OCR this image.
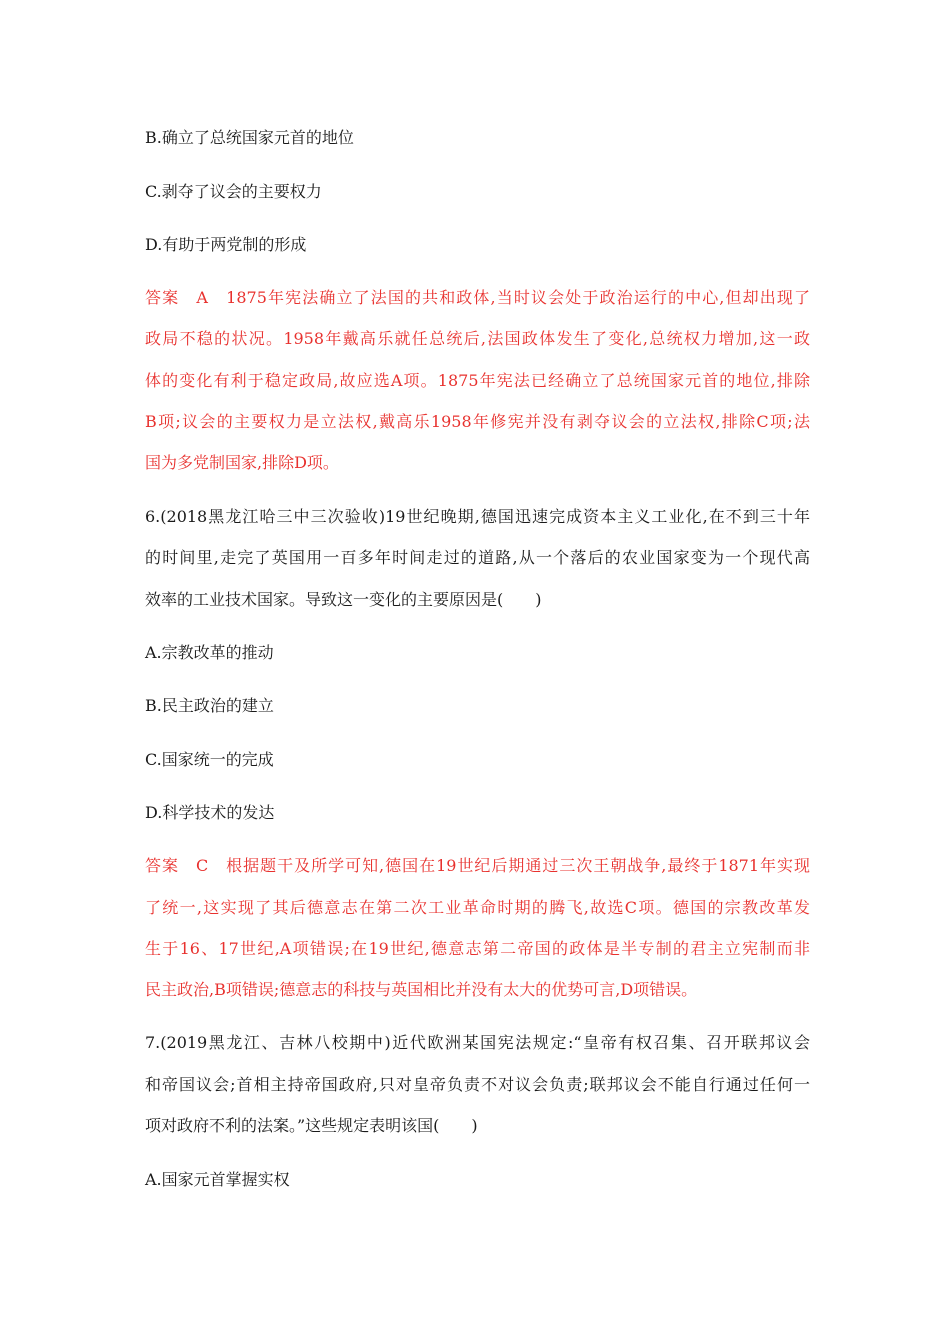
B.确立了总统国家元首的地位
C.剥夺了议会的主要权力
D.有助于两党制的形成
答案　A　1875年宪法确立了法国的共和政体,当时议会处于政治运行的中心,但却出现了
政局不稳的状况。1958年戴高乐就任总统后,法国政体发生了变化,总统权力增加,这一政
体的变化有利于稳定政局,故应选A项。1875年宪法已经确立了总统国家元首的地位,排除
B项;议会的主要权力是立法权,戴高乐1958年修宪并没有剥夺议会的立法权,排除C项;法
国为多党制国家,排除D项。
6.(2018黑龙江哈三中三次验收)19世纪晚期,德国迅速完成资本主义工业化,在不到三十年
的时间里,走完了英国用一百多年时间走过的道路,从一个落后的农业国家变为一个现代高
效率的工业技术国家。导致这一变化的主要原因是(　　)
A.宗教改革的推动
B.民主政治的建立
C.国家统一的完成
D.科学技术的发达
答案　C　根据题干及所学可知,德国在19世纪后期通过三次王朝战争,最终于1871年实现
了统一,这实现了其后德意志在第二次工业革命时期的腾飞,故选C项。德国的宗教改革发
生于16、17世纪,A项错误;在19世纪,德意志第二帝国的政体是半专制的君主立宪制而非
民主政治,B项错误;德意志的科技与英国相比并没有太大的优势可言,D项错误。
7.(2019黑龙江、吉林八校期中)近代欧洲某国宪法规定:“皇帝有权召集、召开联邦议会
和帝国议会;首相主持帝国政府,只对皇帝负责不对议会负责;联邦议会不能自行通过任何一
项对政府不利的法案。”这些规定表明该国(　　)
A.国家元首掌握实权
